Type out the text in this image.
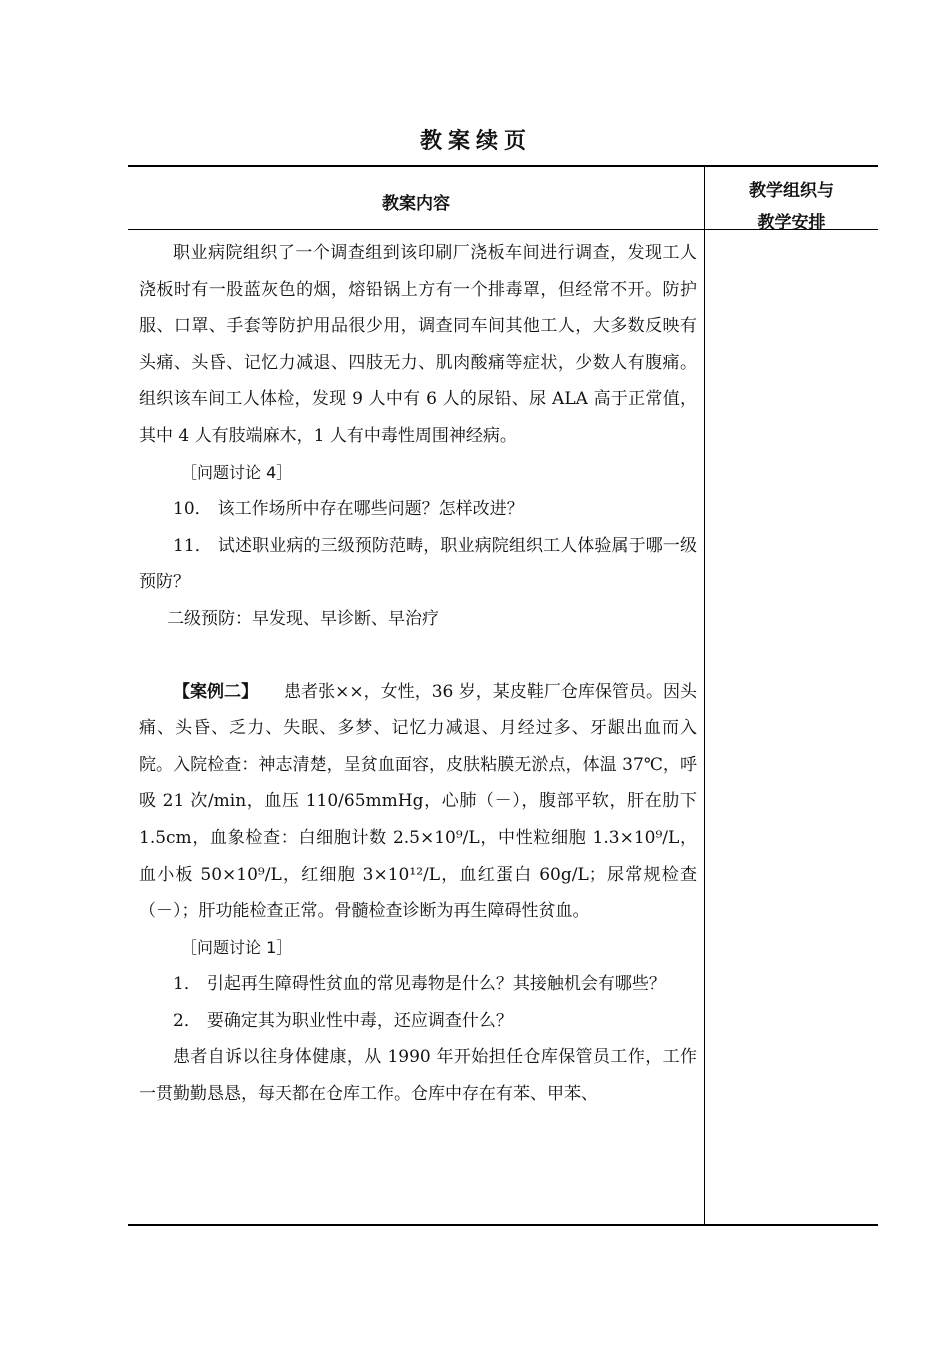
教案续页
教案内容
教学组织与
教学安排

职业病院组织了一个调查组到该印刷厂浇板车间进行调查，发现工人浇板时有一股蓝灰色的烟，熔铅锅上方有一个排毒罩，但经常不开。防护服、口罩、手套等防护用品很少用，调查同车间其他工人，大多数反映有头痛、头昏、记忆力减退、四肢无力、肌肉酸痛等症状，少数人有腹痛。组织该车间工人体检，发现 9 人中有 6 人的尿铅、尿 ALA 高于正常值，其中 4 人有肢端麻木，1 人有中毒性周围神经病。

［问题讨论 4］

10． 该工作场所中存在哪些问题？怎样改进？

11． 试述职业病的三级预防范畴，职业病院组织工人体验属于哪一级预防？

二级预防：早发现、早诊断、早治疗

【案例二】 患者张××，女性，36 岁，某皮鞋厂仓库保管员。因头痛、头昏、乏力、失眠、多梦、记忆力减退、月经过多、牙龈出血而入院。入院检查：神志清楚，呈贫血面容，皮肤粘膜无淤点，体温 37℃，呼吸 21 次/min，血压 110/65mmHg，心肺（－），腹部平软，肝在肋下 1.5cm，血象检查：白细胞计数 2.5×10⁹/L，中性粒细胞 1.3×10⁹/L，血小板 50×10⁹/L，红细胞 3×10¹²/L，血红蛋白 60g/L；尿常规检查（－）；肝功能检查正常。骨髓检查诊断为再生障碍性贫血。

［问题讨论 1］

1． 引起再生障碍性贫血的常见毒物是什么？其接触机会有哪些？

2． 要确定其为职业性中毒，还应调查什么？

患者自诉以往身体健康，从 1990 年开始担任仓库保管员工作，工作一贯勤勤恳恳，每天都在仓库工作。仓库中存在有苯、甲苯、
